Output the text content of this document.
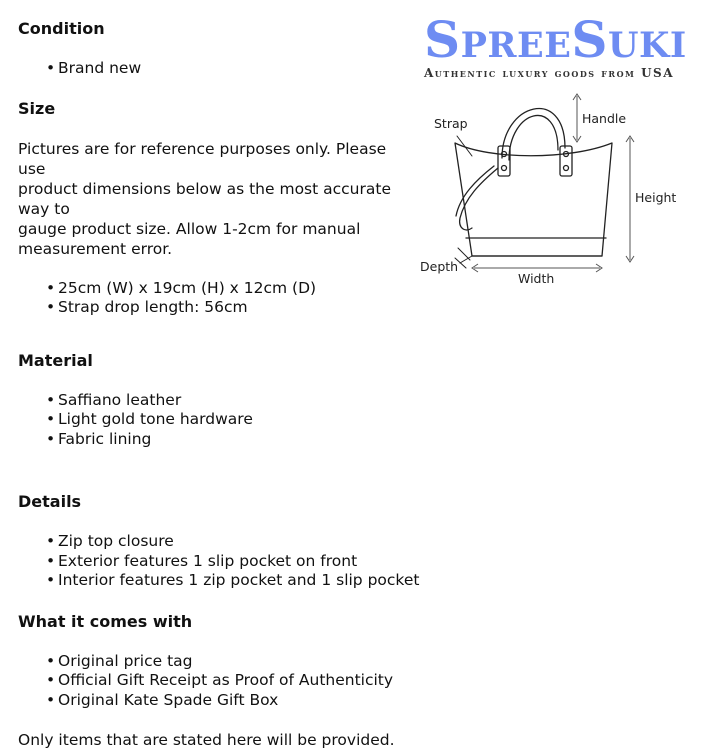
Condition
• Brand new
Size
Pictures are for reference purposes only. Please use
product dimensions below as the most accurate way to
gauge product size. Allow 1-2cm for manual
measurement error.
• 25cm (W) x 19cm (H) x 12cm (D)
• Strap drop length: 56cm
Material
• Saffiano leather
• Light gold tone hardware
• Fabric lining
Details
• Zip top closure
• Exterior features 1 slip pocket on front
• Interior features 1 zip pocket and 1 slip pocket
What it comes with
• Original price tag
• Official Gift Receipt as Proof of Authenticity
• Original Kate Spade Gift Box
Only items that are stated here will be provided.
SpreeSuki
Authentic luxury goods from USA
Strap	Handle
Height
Depth
Width
